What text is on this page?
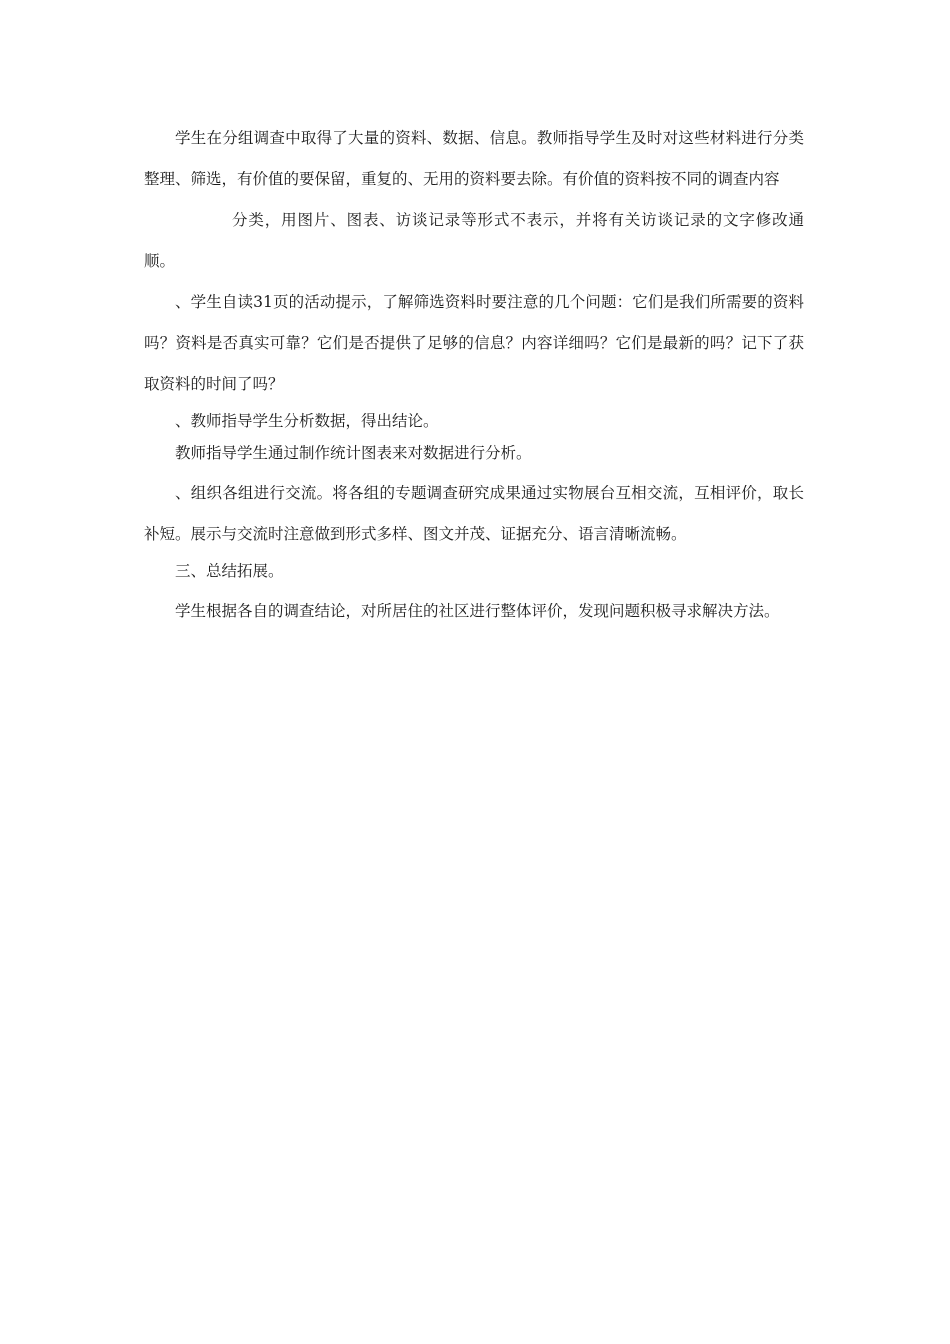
学生在分组调查中取得了大量的资料、数据、信息。教师指导学生及时对这些材料进行分类整理、筛选，有价值的要保留，重复的、无用的资料要去除。有价值的资料按不同的调查内容

分类，用图片、图表、访谈记录等形式不表示，并将有关访谈记录的文字修改通顺。

、学生自读31页的活动提示，了解筛选资料时要注意的几个问题：它们是我们所需要的资料吗？资料是否真实可靠？它们是否提供了足够的信息？内容详细吗？它们是最新的吗？记下了获取资料的时间了吗？

、教师指导学生分析数据，得出结论。

教师指导学生通过制作统计图表来对数据进行分析。

、组织各组进行交流。将各组的专题调查研究成果通过实物展台互相交流，互相评价，取长补短。展示与交流时注意做到形式多样、图文并茂、证据充分、语言清晰流畅。

三、总结拓展。

学生根据各自的调查结论，对所居住的社区进行整体评价，发现问题积极寻求解决方法。
